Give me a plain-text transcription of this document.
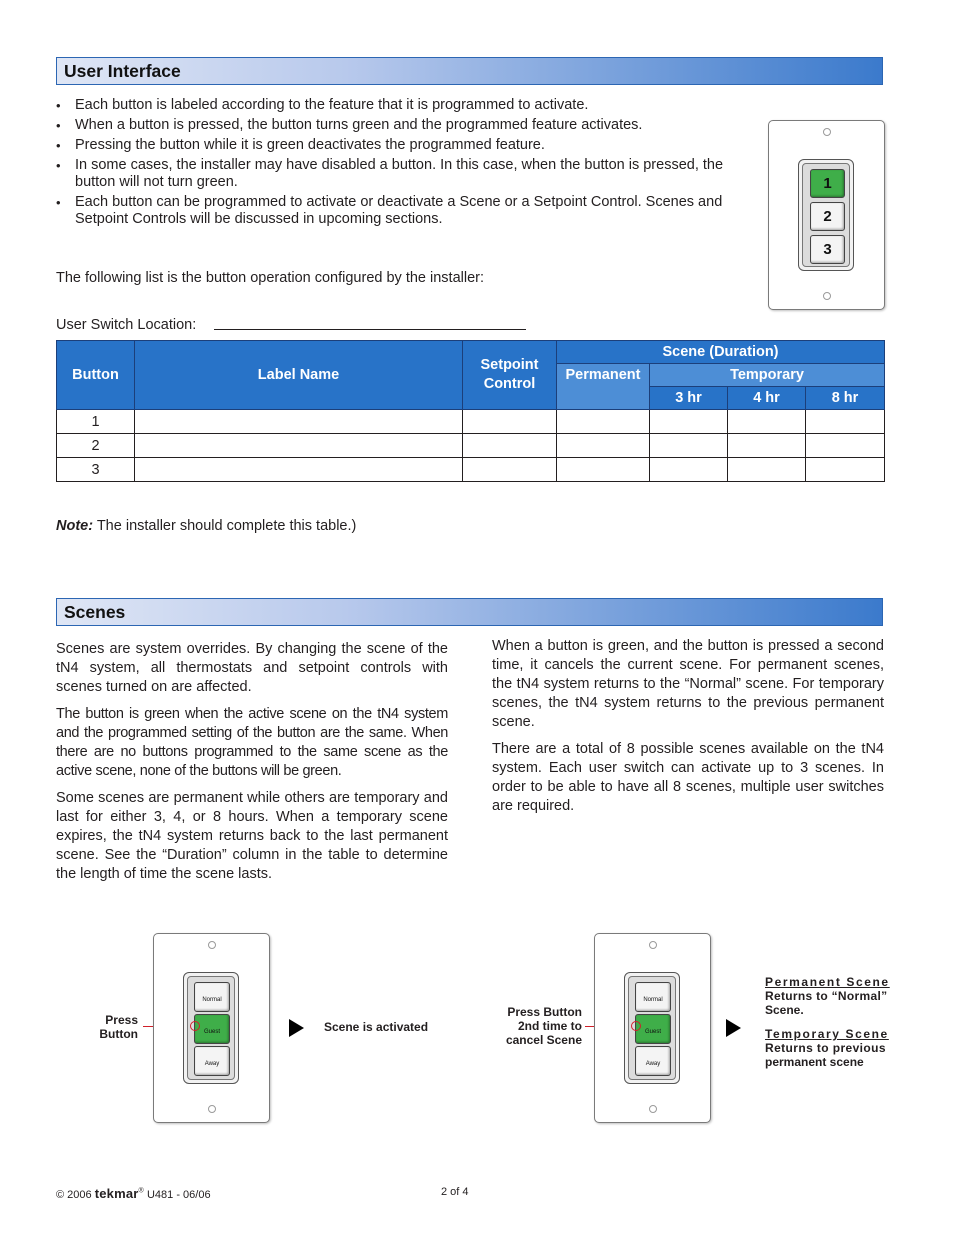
User Interface
• Each button is labeled according to the feature that it is programmed to activate.
• When a button is pressed, the button turns green and the programmed feature activates.
• Pressing the button while it is green deactivates the programmed feature.
• In some cases, the installer may have disabled a button. In this case, when the button is pressed, the button will not turn green.
• Each button can be programmed to activate or deactivate a Scene or a Setpoint Control. Scenes and Setpoint Controls will be discussed in upcoming sections.
1
2
3
The following list is the button operation configured by the installer:
User Switch Location:
Button	Label Name	Setpoint Control	Scene (Duration)			
			Permanent	Temporary		
				3 hr	4 hr	8 hr
1						
2						
3						
Note: The installer should complete this table.)
Scenes

Scenes are system overrides. By changing the scene of the tN4 system, all thermostats and setpoint controls with scenes turned on are affected.

The button is green when the active scene on the tN4 system and the programmed setting of the button are the same. When there are no buttons programmed to the same scene as the active scene, none of the buttons will be green.

Some scenes are permanent while others are temporary and last for either 3, 4, or 8 hours. When a temporary scene expires, the tN4 system returns back to the last permanent scene. See the “Duration” column in the table to determine the length of time the scene lasts.

When a button is green, and the button is pressed a second time, it cancels the current scene. For permanent scenes, the tN4 system returns to the “Normal” scene. For temporary scenes, the tN4 system returns to the previous permanent scene.

There are a total of 8 possible scenes available on the tN4 system. Each user switch can activate up to 3 scenes. In order to be able to have all 8 scenes, multiple user switches are required.

Press
Button
Normal
Guest
Away
Scene is activated
Press Button
2nd time to
cancel Scene
Normal
Guest
Away
Permanent Scene
Returns to “Normal”
Scene.
Temporary Scene
Returns to previous
permanent scene
© 2006 tekmar® U481 - 06/06	2 of 4
